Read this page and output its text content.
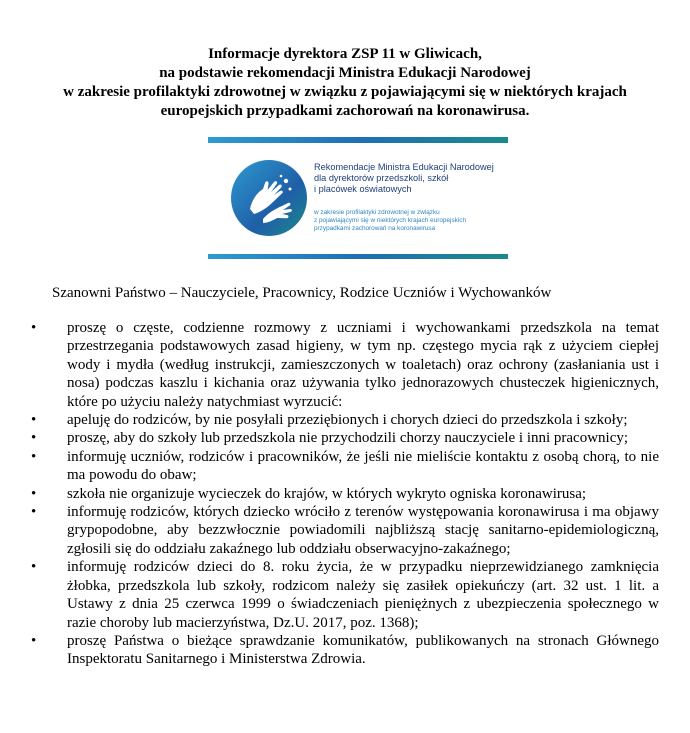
Informacje dyrektora ZSP 11 w Gliwicach,
na podstawie rekomendacji Ministra Edukacji Narodowej
w zakresie profilaktyki zdrowotnej w związku z pojawiającymi się w niektórych krajach
europejskich przypadkami zachorowań na koronawirusa.
Rekomendacje Ministra Edukacji Narodowej
dla dyrektorów przedszkoli, szkół
i placówek oświatowych
w zakresie profilaktyki zdrowotnej w związku
z pojawiającymi się w niektórych krajach europejskich
przypadkami zachorowań na koronawirusa
Szanowni Państwo – Nauczyciele, Pracownicy, Rodzice Uczniów i Wychowanków
•	proszę o częste, codzienne rozmowy z uczniami i wychowankami przedszkola na temat przestrzegania podstawowych zasad higieny, w tym np. częstego mycia rąk z użyciem ciepłej wody i mydła (według instrukcji, zamieszczonych w toaletach) oraz ochrony (zasłaniania ust i nosa) podczas kaszlu i kichania oraz używania tylko jednorazowych chusteczek higienicznych, które po użyciu należy natychmiast wyrzucić:
•	apeluję do rodziców, by nie posyłali przeziębionych i chorych dzieci do przedszkola i szkoły;
•	proszę, aby do szkoły lub przedszkola nie przychodzili chorzy nauczyciele i inni pracownicy;
•	informuję uczniów, rodziców i pracowników, że jeśli nie mieliście kontaktu z osobą chorą, to nie ma powodu do obaw;
•	szkoła nie organizuje wycieczek do krajów, w których wykryto ogniska koronawirusa;
•	informuję rodziców, których dziecko wróciło z terenów występowania koronawirusa i ma objawy grypopodobne, aby bezzwłocznie powiadomili najbliższą stację sanitarno-epidemiologiczną, zgłosili się do oddziału zakaźnego lub oddziału obserwacyjno-zakaźnego;
•	informuję rodziców dzieci do 8. roku życia, że w przypadku nieprzewidzianego zamknięcia żłobka, przedszkola lub szkoły, rodzicom należy się zasiłek opiekuńczy (art. 32 ust. 1 lit. a Ustawy z dnia 25 czerwca 1999 o świadczeniach pieniężnych z ubezpieczenia społecznego w razie choroby lub macierzyństwa, Dz.U. 2017, poz. 1368);
•	proszę Państwa o bieżące sprawdzanie komunikatów, publikowanych na stronach Głównego Inspektoratu Sanitarnego i Ministerstwa Zdrowia.
